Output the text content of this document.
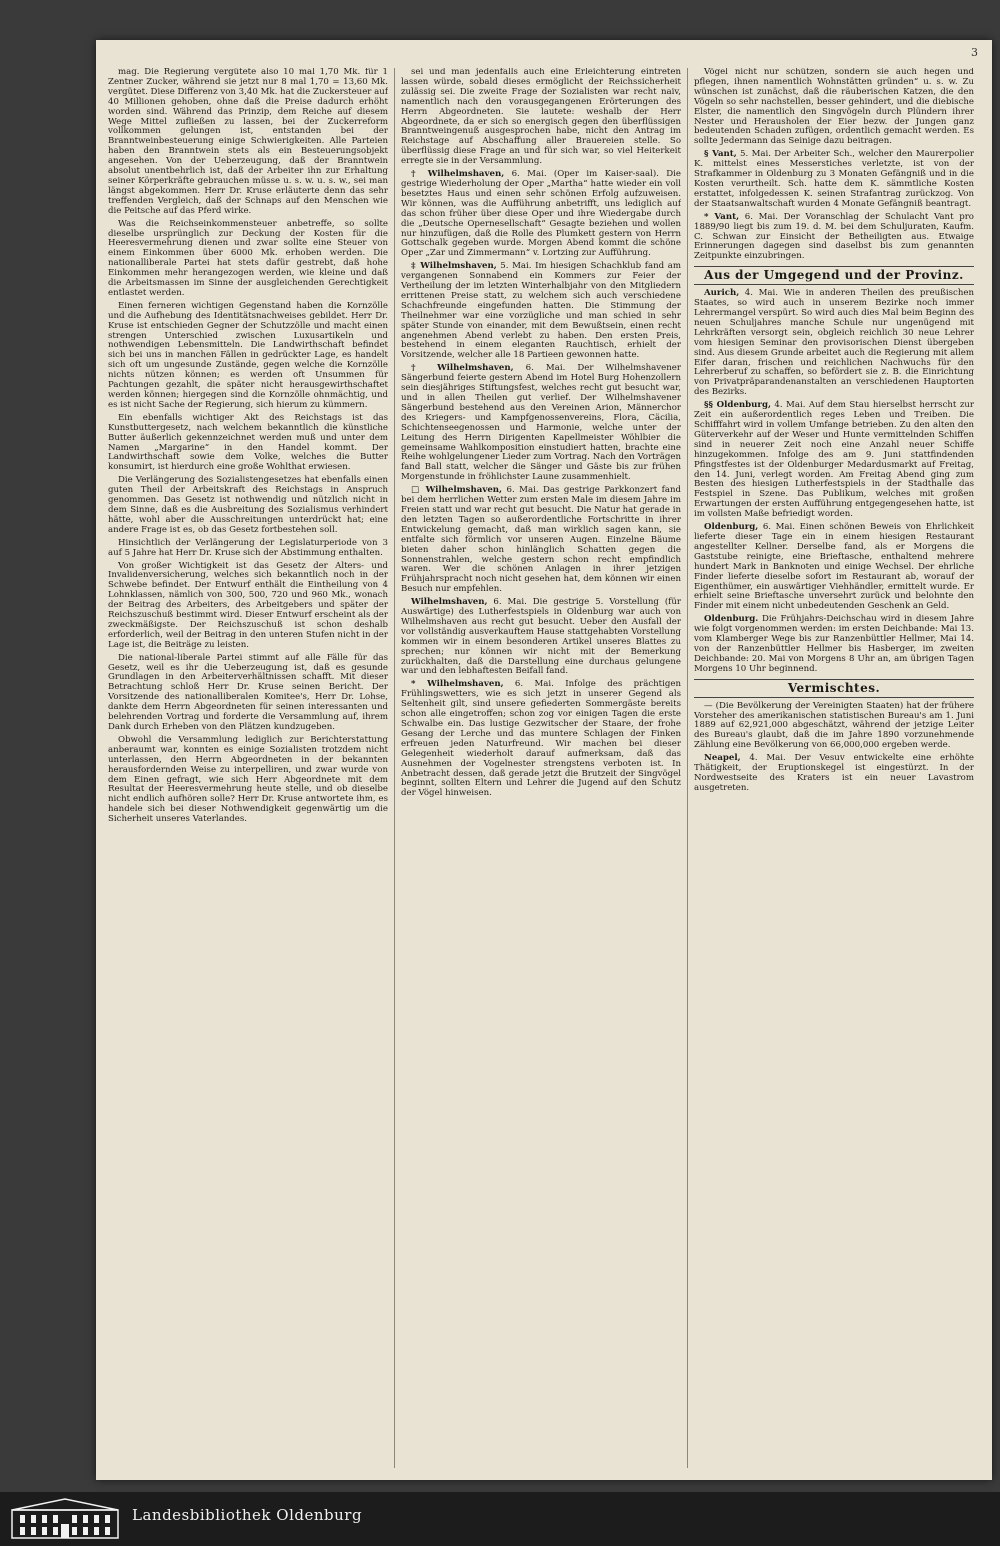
3

mag. Die Regierung vergütete also 10 mal 1,70 Mk. für 1 Zentner Zucker, während sie jetzt nur 8 mal 1,70 = 13,60 Mk. vergütet. Diese Differenz von 3,40 Mk. hat die Zuckersteuer auf 40 Millionen gehoben, ohne daß die Preise dadurch erhöht worden sind. Während das Prinzip, dem Reiche auf diesem Wege Mittel zufließen zu lassen, bei der Zuckerreform vollkommen gelungen ist, entstanden bei der Branntweinbesteuerung einige Schwierigkeiten. Alle Parteien haben den Branntwein stets als ein Besteuerungsobjekt angesehen. Von der Ueberzeugung, daß der Branntwein absolut unentbehrlich ist, daß der Arbeiter ihn zur Erhaltung seiner Körperkräfte gebrauchen müsse u. s. w. u. s. w., sei man längst abgekommen. Herr Dr. Kruse erläuterte denn das sehr treffenden Vergleich, daß der Schnaps auf den Menschen wie die Peitsche auf das Pferd wirke.

Was die Reichseinkommensteuer anbetreffe, so sollte dieselbe ursprünglich zur Deckung der Kosten für die Heeresvermehrung dienen und zwar sollte eine Steuer von einem Einkommen über 6000 Mk. erhoben werden. Die nationalliberale Partei hat stets dafür gestrebt, daß hohe Einkommen mehr herangezogen werden, wie kleine und daß die Arbeitsmassen im Sinne der ausgleichenden Gerechtigkeit entlastet werden.

Einen ferneren wichtigen Gegenstand haben die Kornzölle und die Aufhebung des Identitätsnachweises gebildet. Herr Dr. Kruse ist entschieden Gegner der Schutzzölle und macht einen strengen Unterschied zwischen Luxusartikeln und nothwendigen Lebensmitteln. Die Landwirthschaft befindet sich bei uns in manchen Fällen in gedrückter Lage, es handelt sich oft um ungesunde Zustände, gegen welche die Kornzölle nichts nützen können; es werden oft Unsummen für Pachtungen gezahlt, die später nicht herausgewirthschaftet werden können; hiergegen sind die Kornzölle ohnmächtig, und es ist nicht Sache der Regierung, sich hierum zu kümmern.

Ein ebenfalls wichtiger Akt des Reichstags ist das Kunstbuttergesetz, nach welchem bekanntlich die künstliche Butter äußerlich gekennzeichnet werden muß und unter dem Namen „Margarine“ in den Handel kommt. Der Landwirthschaft sowie dem Volke, welches die Butter konsumirt, ist hierdurch eine große Wohlthat erwiesen.

Die Verlängerung des Sozialistengesetzes hat ebenfalls einen guten Theil der Arbeitskraft des Reichstags in Anspruch genommen. Das Gesetz ist nothwendig und nützlich nicht in dem Sinne, daß es die Ausbreitung des Sozialismus verhindert hätte, wohl aber die Ausschreitungen unterdrückt hat; eine andere Frage ist es, ob das Gesetz fortbestehen soll.

Hinsichtlich der Verlängerung der Legislaturperiode von 3 auf 5 Jahre hat Herr Dr. Kruse sich der Abstimmung enthalten.

Von großer Wichtigkeit ist das Gesetz der Alters- und Invalidenversicherung, welches sich bekanntlich noch in der Schwebe befindet. Der Entwurf enthält die Eintheilung von 4 Lohnklassen, nämlich von 300, 500, 720 und 960 Mk., wonach der Beitrag des Arbeiters, des Arbeitgebers und später der Reichszuschuß bestimmt wird. Dieser Entwurf erscheint als der zweckmäßigste. Der Reichszuschuß ist schon deshalb erforderlich, weil der Beitrag in den unteren Stufen nicht in der Lage ist, die Beiträge zu leisten.

Die national-liberale Partei stimmt auf alle Fälle für das Gesetz, weil es ihr die Ueberzeugung ist, daß es gesunde Grundlagen in den Arbeiterverhältnissen schafft. Mit dieser Betrachtung schloß Herr Dr. Kruse seinen Bericht. Der Vorsitzende des nationalliberalen Komitee's, Herr Dr. Lohse, dankte dem Herrn Abgeordneten für seinen interessanten und belehrenden Vortrag und forderte die Versammlung auf, ihrem Dank durch Erheben von den Plätzen kundzugeben.

Obwohl die Versammlung lediglich zur Berichterstattung anberaumt war, konnten es einige Sozialisten trotzdem nicht unterlassen, den Herrn Abgeordneten in der bekannten herausfordernden Weise zu interpelliren, und zwar wurde von dem Einen gefragt, wie sich Herr Abgeordnete mit dem Resultat der Heeresvermehrung heute stelle, und ob dieselbe nicht endlich aufhören solle? Herr Dr. Kruse antwortete ihm, es handele sich bei dieser Nothwendigkeit gegenwärtig um die Sicherheit unseres Vaterlandes.

sei und man jedenfalls auch eine Erleichterung eintreten lassen würde, sobald dieses ermöglicht der Reichssicherheit zulässig sei. Die zweite Frage der Sozialisten war recht naiv, namentlich nach den vorausgegangenen Erörterungen des Herrn Abgeordneten. Sie lautete: weshalb der Herr Abgeordnete, da er sich so energisch gegen den überflüssigen Branntweingenuß ausgesprochen habe, nicht den Antrag im Reichstage auf Abschaffung aller Brauereien stelle. So überflüssig diese Frage an und für sich war, so viel Heiterkeit erregte sie in der Versammlung.

† Wilhelmshaven, 6. Mai. (Oper im Kaiser-saal). Die gestrige Wiederholung der Oper „Martha“ hatte wieder ein voll besetztes Haus und einen sehr schönen Erfolg aufzuweisen. Wir können, was die Aufführung anbetrifft, uns lediglich auf das schon früher über diese Oper und ihre Wiedergabe durch die „Deutsche Opernesellschaft“ Gesagte beziehen und wollen nur hinzufügen, daß die Rolle des Plumkett gestern von Herrn Gottschalk gegeben wurde. Morgen Abend kommt die schöne Oper „Zar und Zimmermann“ v. Lortzing zur Aufführung.

‡ Wilhelmshaven, 5. Mai. Im hiesigen Schachklub fand am vergangenen Sonnabend ein Kommers zur Feier der Vertheilung der im letzten Winterhalbjahr von den Mitgliedern errittenen Preise statt, zu welchem sich auch verschiedene Schachfreunde eingefunden hatten. Die Stimmung der Theilnehmer war eine vorzügliche und man schied in sehr später Stunde von einander, mit dem Bewußtsein, einen recht angenehmen Abend verlebt zu haben. Den ersten Preis, bestehend in einem eleganten Rauchtisch, erhielt der Vorsitzende, welcher alle 18 Partieen gewonnen hatte.

† Wilhelmshaven, 6. Mai. Der Wilhelmshavener Sängerbund feierte gestern Abend im Hotel Burg Hohenzollern sein diesjähriges Stiftungsfest, welches recht gut besucht war, und in allen Theilen gut verlief. Der Wilhelmshavener Sängerbund bestehend aus den Vereinen Arion, Männerchor des Kriegers- und Kampfgenossenvereins, Flora, Cäcilia, Schichtenseegenossen und Harmonie, welche unter der Leitung des Herrn Dirigenten Kapellmeister Wöhlbier die gemeinsame Wahlkomposition einstudiert hatten, brachte eine Reihe wohlgelungener Lieder zum Vortrag. Nach den Vorträgen fand Ball statt, welcher die Sänger und Gäste bis zur frühen Morgenstunde in fröhlichster Laune zusammenhielt.

□ Wilhelmshaven, 6. Mai. Das gestrige Parkkonzert fand bei dem herrlichen Wetter zum ersten Male im diesem Jahre im Freien statt und war recht gut besucht. Die Natur hat gerade in den letzten Tagen so außerordentliche Fortschritte in ihrer Entwickelung gemacht, daß man wirklich sagen kann, sie entfalte sich förmlich vor unseren Augen. Einzelne Bäume bieten daher schon hinlänglich Schatten gegen die Sonnenstrahlen, welche gestern schon recht empfindlich waren. Wer die schönen Anlagen in ihrer jetzigen Frühjahrspracht noch nicht gesehen hat, dem können wir einen Besuch nur empfehlen.

Wilhelmshaven, 6. Mai. Die gestrige 5. Vorstellung (für Auswärtige) des Lutherfestspiels in Oldenburg war auch von Wilhelmshaven aus recht gut besucht. Ueber den Ausfall der vor vollständig ausverkauftem Hause stattgehabten Vorstellung kommen wir in einem besonderen Artikel unseres Blattes zu sprechen; nur können wir nicht mit der Bemerkung zurückhalten, daß die Darstellung eine durchaus gelungene war und den lebhaftesten Beifall fand.

* Wilhelmshaven, 6. Mai. Infolge des prächtigen Frühlingswetters, wie es sich jetzt in unserer Gegend als Seltenheit gilt, sind unsere gefiederten Sommergäste bereits schon alle eingetroffen; schon zog vor einigen Tagen die erste Schwalbe ein. Das lustige Gezwitscher der Staare, der frohe Gesang der Lerche und das muntere Schlagen der Finken erfreuen jeden Naturfreund. Wir machen bei dieser Gelegenheit wiederholt darauf aufmerksam, daß das Ausnehmen der Vogelnester strengstens verboten ist. In Anbetracht dessen, daß gerade jetzt die Brutzeit der Singvögel beginnt, sollten Eltern und Lehrer die Jugend auf den Schutz der Vögel hinweisen.

Vögel nicht nur schützen, sondern sie auch hegen und pflegen, ihnen namentlich Wohnstätten gründen“ u. s. w. Zu wünschen ist zunächst, daß die räuberischen Katzen, die den Vögeln so sehr nachstellen, besser gehindert, und die diebische Elster, die namentlich den Singvögeln durch Plündern ihrer Nester und Herausholen der Eier bezw. der Jungen ganz bedeutenden Schaden zufügen, ordentlich gemacht werden. Es sollte Jedermann das Seinige dazu beitragen.

§ Vant, 5. Mai. Der Arbeiter Sch., welcher den Maurerpolier K. mittelst eines Messerstiches verletzte, ist von der Strafkammer in Oldenburg zu 3 Monaten Gefängniß und in die Kosten verurtheilt. Sch. hatte dem K. sämmtliche Kosten erstattet, infolgedessen K. seinen Strafantrag zurückzog. Von der Staatsanwaltschaft wurden 4 Monate Gefängniß beantragt.

* Vant, 6. Mai. Der Voranschlag der Schulacht Vant pro 1889/90 liegt bis zum 19. d. M. bei dem Schuljuraten, Kaufm. C. Schwan zur Einsicht der Betheiligten aus. Etwaige Erinnerungen dagegen sind daselbst bis zum genannten Zeitpunkte einzubringen.

Aus der Umgegend und der Provinz.

Aurich, 4. Mai. Wie in anderen Theilen des preußischen Staates, so wird auch in unserem Bezirke noch immer Lehrermangel verspürt. So wird auch dies Mal beim Beginn des neuen Schuljahres manche Schule nur ungenügend mit Lehrkräften versorgt sein, obgleich reichlich 30 neue Lehrer vom hiesigen Seminar den provisorischen Dienst übergeben sind. Aus diesem Grunde arbeitet auch die Regierung mit allem Eifer daran, frischen und reichlichen Nachwuchs für den Lehrerberuf zu schaffen, so befördert sie z. B. die Einrichtung von Privatpräparandenanstalten an verschiedenen Hauptorten des Bezirks.

§§ Oldenburg, 4. Mai. Auf dem Stau hierselbst herrscht zur Zeit ein außerordentlich reges Leben und Treiben. Die Schifffahrt wird in vollem Umfange betrieben. Zu den alten den Güterverkehr auf der Weser und Hunte vermittelnden Schiffen sind in neuerer Zeit noch eine Anzahl neuer Schiffe hinzugekommen. Infolge des am 9. Juni stattfindenden Pfingstfestes ist der Oldenburger Medardusmarkt auf Freitag, den 14. Juni, verlegt worden. Am Freitag Abend ging zum Besten des hiesigen Lutherfestspiels in der Stadthalle das Festspiel in Szene. Das Publikum, welches mit großen Erwartungen der ersten Aufführung entgegengesehen hatte, ist im vollsten Maße befriedigt worden.

Oldenburg, 6. Mai. Einen schönen Beweis von Ehrlichkeit lieferte dieser Tage ein in einem hiesigen Restaurant angestellter Kellner. Derselbe fand, als er Morgens die Gaststube reinigte, eine Brieftasche, enthaltend mehrere hundert Mark in Banknoten und einige Wechsel. Der ehrliche Finder lieferte dieselbe sofort im Restaurant ab, worauf der Eigenthümer, ein auswärtiger Viehhändler, ermittelt wurde. Er erhielt seine Brieftasche unversehrt zurück und belohnte den Finder mit einem nicht unbedeutenden Geschenk an Geld.

Oldenburg. Die Frühjahrs-Deichschau wird in diesem Jahre wie folgt vorgenommen werden: im ersten Deichbande: Mai 13. vom Klamberger Wege bis zur Ranzenbüttler Hellmer, Mai 14. von der Ranzenbüttler Hellmer bis Hasberger, im zweiten Deichbande: 20. Mai von Morgens 8 Uhr an, am übrigen Tagen Morgens 10 Uhr beginnend.

Vermischtes.

— (Die Bevölkerung der Vereinigten Staaten) hat der frühere Vorsteher des amerikanischen statistischen Bureau's am 1. Juni 1889 auf 62,921,000 abgeschätzt, während der jetzige Leiter des Bureau's glaubt, daß die im Jahre 1890 vorzunehmende Zählung eine Bevölkerung von 66,000,000 ergeben werde.

Neapel, 4. Mai. Der Vesuv entwickelte eine erhöhte Thätigkeit, der Eruptionskegel ist eingestürzt. In der Nordwestseite des Kraters ist ein neuer Lavastrom ausgetreten.

Landesbibliothek Oldenburg
